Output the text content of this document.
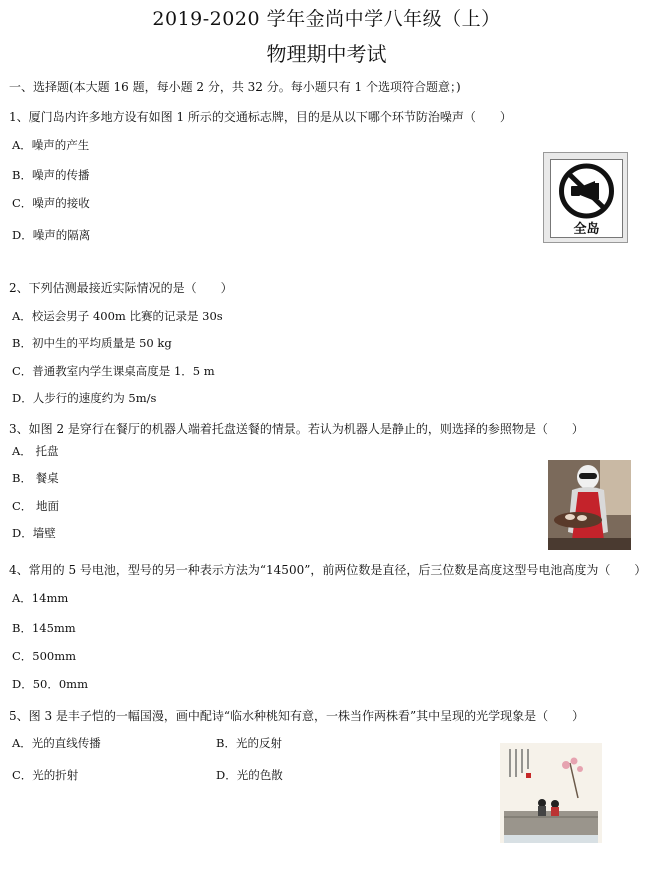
2019-2020 学年金尚中学八年级（上）
物理期中考试
一、选择题(本大题 16 题，每小题 2 分，共 32 分。每小题只有 1 个选项符合题意；)
1、厦门岛内许多地方设有如图 1 所示的交通标志牌，目的是从以下哪个环节防治噪声（　　）
A．噪声的产生
B．噪声的传播
C．噪声的接收
D．噪声的隔离	全岛
2、下列估测最接近实际情况的是（　　）
A．校运会男子 400m 比赛的记录是 30s
B．初中生的平均质量是 50 kg
C．普通教室内学生课桌高度是 1．5 m
D．人步行的速度约为 5m/s
3、如图 2 是穿行在餐厅的机器人端着托盘送餐的情景。若认为机器人是静止的，则选择的参照物是（　　）
A． 托盘
B． 餐桌
C． 地面
D．墙壁
4、常用的 5 号电池，型号的另一种表示方法为“14500”，前两位数是直径，后三位数是高度这型号电池高度为（　　）
A．14mm
B．145mm
C．500mm
D．50．0mm
5、图 3 是丰子恺的一幅国漫，画中配诗“临水种桃知有意，一株当作两株看”其中呈现的光学现象是（　　）
A．光的直线传播	B．光的反射
C．光的折射	D．光的色散
